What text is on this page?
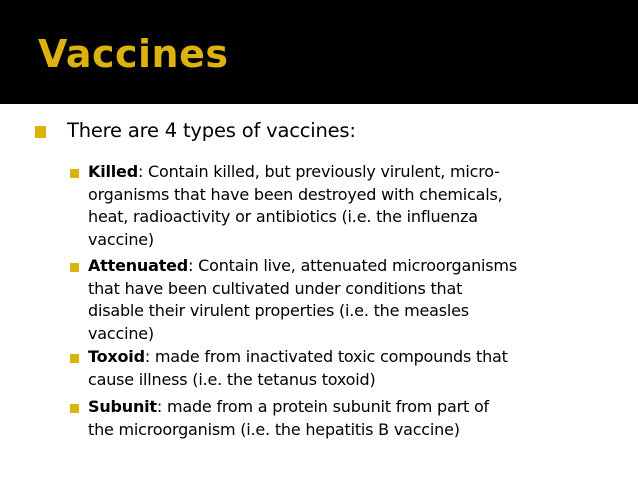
Vaccines
There are 4 types of vaccines:
Killed: Contain killed, but previously virulent, micro-
organisms that have been destroyed with chemicals,
heat, radioactivity or antibiotics (i.e. the influenza
vaccine)
Attenuated: Contain live, attenuated microorganisms
that have been cultivated under conditions that
disable their virulent properties (i.e. the measles
vaccine)
Toxoid: made from inactivated toxic compounds that
cause illness (i.e. the tetanus toxoid)
Subunit: made from a protein subunit from part of
the microorganism (i.e. the hepatitis B vaccine)
